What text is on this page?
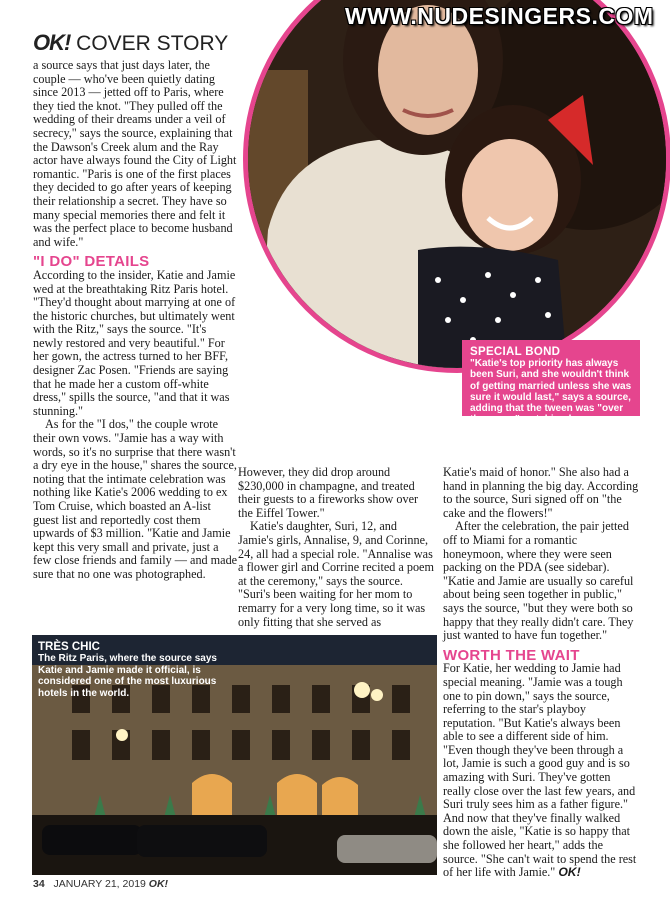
WWW.NUDESINGERS.COM
OK! COVER STORY
SPECIAL BOND
"Katie's top priority has always been Suri, and she wouldn't think of getting married unless she was sure it would last," says a source, adding that the tween was "over the moon" watching her mom wed Jamie.

a source says that just days later, the couple — who've been quietly dating since 2013 — jetted off to Paris, where they tied the knot. "They pulled off the wedding of their dreams under a veil of secrecy," says the source, explaining that the Dawson's Creek alum and the Ray actor have always found the City of Light romantic. "Paris is one of the first places they decided to go after years of keeping their relationship a secret. They have so many special memories there and felt it was the perfect place to become husband and wife."

"I DO" DETAILS

According to the insider, Katie and Jamie wed at the breathtaking Ritz Paris hotel. "They'd thought about marrying at one of the historic churches, but ultimately went with the Ritz," says the source. "It's newly restored and very beautiful." For her gown, the actress turned to her BFF, designer Zac Posen. "Friends are saying that he made her a custom off-white dress," spills the source, "and that it was stunning."

As for the "I dos," the couple wrote their own vows. "Jamie has a way with words, so it's no surprise that there wasn't a dry eye in the house," shares the source, noting that the intimate celebration was nothing like Katie's 2006 wedding to ex Tom Cruise, which boasted an A-list guest list and reportedly cost them upwards of $3 million. "Katie and Jamie kept this very small and private, just a few close friends and family — and made sure that no one was photographed.

However, they did drop around $230,000 in champagne, and treated their guests to a fireworks show over the Eiffel Tower."

Katie's daughter, Suri, 12, and Jamie's girls, Annalise, 9, and Corinne, 24, all had a special role. "Annalise was a flower girl and Corrine recited a poem at the ceremony," says the source. "Suri's been waiting for her mom to remarry for a very long time, so it was only fitting that she served as

Katie's maid of honor." She also had a hand in planning the big day. According to the source, Suri signed off on "the cake and the flowers!"

After the celebration, the pair jetted off to Miami for a romantic honeymoon, where they were seen packing on the PDA (see sidebar). "Katie and Jamie are usually so careful about being seen together in public," says the source, "but they were both so happy that they really didn't care. They just wanted to have fun together."

WORTH THE WAIT

For Katie, her wedding to Jamie had special meaning. "Jamie was a tough one to pin down," says the source, referring to the star's playboy reputation. "But Katie's always been able to see a different side of him. "Even though they've been through a lot, Jamie is such a good guy and is so amazing with Suri. They've gotten really close over the last few years, and Suri truly sees him as a father figure." And now that they've finally walked down the aisle, "Katie is so happy that she followed her heart," adds the source. "She can't wait to spend the rest of her life with Jamie." OK!

TRÈS CHIC
The Ritz Paris, where the source says Katie and Jamie made it official, is considered one of the most luxurious hotels in the world.
34 JANUARY 21, 2019 OK!
